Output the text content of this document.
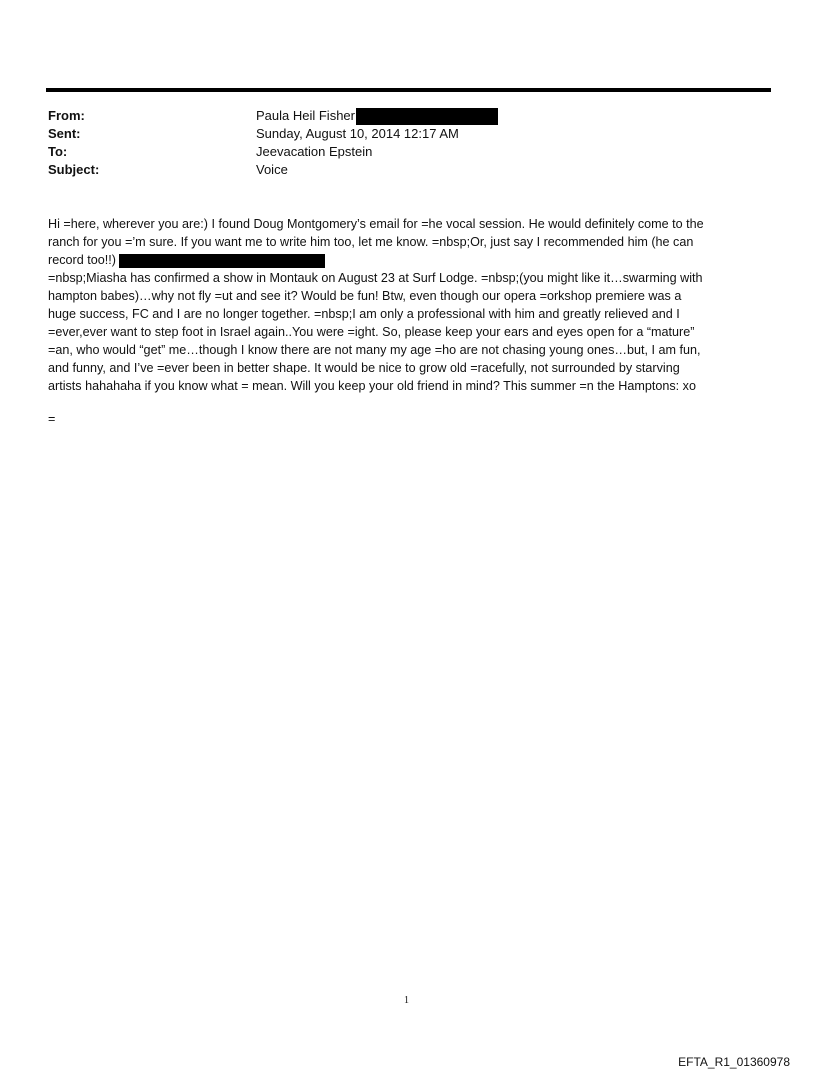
From:	Paula Heil Fisher
Sent:	Sunday, August 10, 2014 12:17 AM
To:	Jeevacation Epstein
Subject:	Voice

Hi =here, wherever you are:) I found Doug Montgomery’s email for =he vocal session. He would definitely come to the

ranch for you =’m sure. If you want me to write him too, let me know. =nbsp;Or, just say I recommended him (he can

record too!!)

=nbsp;Miasha has confirmed a show in Montauk on August 23 at Surf Lodge. =nbsp;(you might like it…swarming with

hampton babes)…why not fly =ut and see it? Would be fun! Btw, even though our opera =orkshop premiere was a

huge success, FC and I are no longer together. =nbsp;I am only a professional with him and greatly relieved and I

=ever,ever want to step foot in Israel again..You were =ight. So, please keep your ears and eyes open for a “mature”

=an, who would “get” me…though I know there are not many my age =ho are not chasing young ones…but, I am fun,

and funny, and I’ve =ever been in better shape. It would be nice to grow old =racefully, not surrounded by starving

artists hahahaha if you know what = mean. Will you keep your old friend in mind? This summer =n the Hamptons: xo

=
1
EFTA_R1_01360978
